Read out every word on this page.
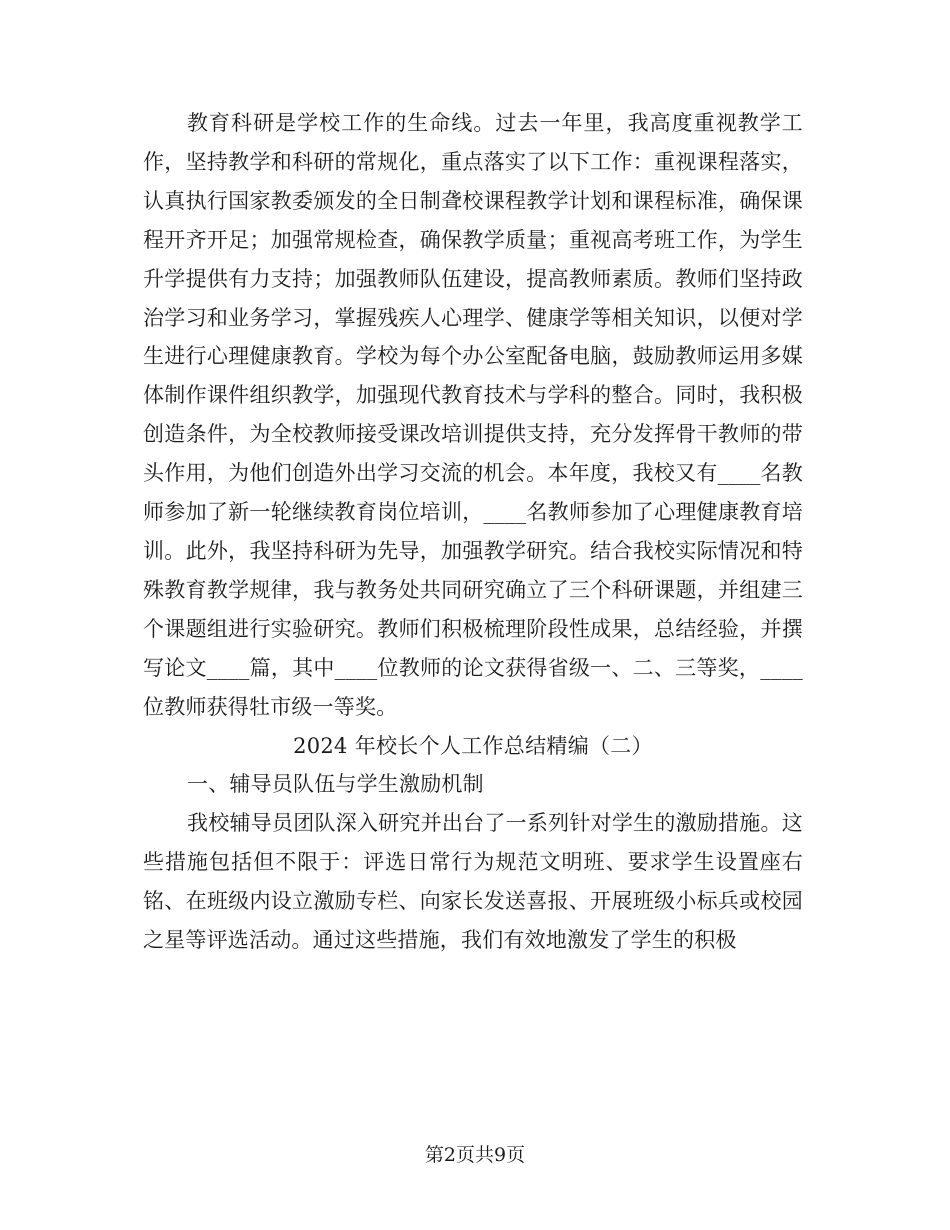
教育科研是学校工作的生命线。过去一年里，我高度重视教学工作，坚持教学和科研的常规化，重点落实了以下工作：重视课程落实，认真执行国家教委颁发的全日制聋校课程教学计划和课程标准，确保课程开齐开足；加强常规检查，确保教学质量；重视高考班工作，为学生升学提供有力支持；加强教师队伍建设，提高教师素质。教师们坚持政治学习和业务学习，掌握残疾人心理学、健康学等相关知识，以便对学生进行心理健康教育。学校为每个办公室配备电脑，鼓励教师运用多媒体制作课件组织教学，加强现代教育技术与学科的整合。同时，我积极创造条件，为全校教师接受课改培训提供支持，充分发挥骨干教师的带头作用，为他们创造外出学习交流的机会。本年度，我校又有____名教师参加了新一轮继续教育岗位培训，____名教师参加了心理健康教育培训。此外，我坚持科研为先导，加强教学研究。结合我校实际情况和特殊教育教学规律，我与教务处共同研究确立了三个科研课题，并组建三个课题组进行实验研究。教师们积极梳理阶段性成果，总结经验，并撰写论文____篇，其中____位教师的论文获得省级一、二、三等奖，____位教师获得牡市级一等奖。

2024 年校长个人工作总结精编（二）

一、辅导员队伍与学生激励机制

我校辅导员团队深入研究并出台了一系列针对学生的激励措施。这些措施包括但不限于：评选日常行为规范文明班、要求学生设置座右铭、在班级内设立激励专栏、向家长发送喜报、开展班级小标兵或校园之星等评选活动。通过这些措施，我们有效地激发了学生的积极

第2页共9页
